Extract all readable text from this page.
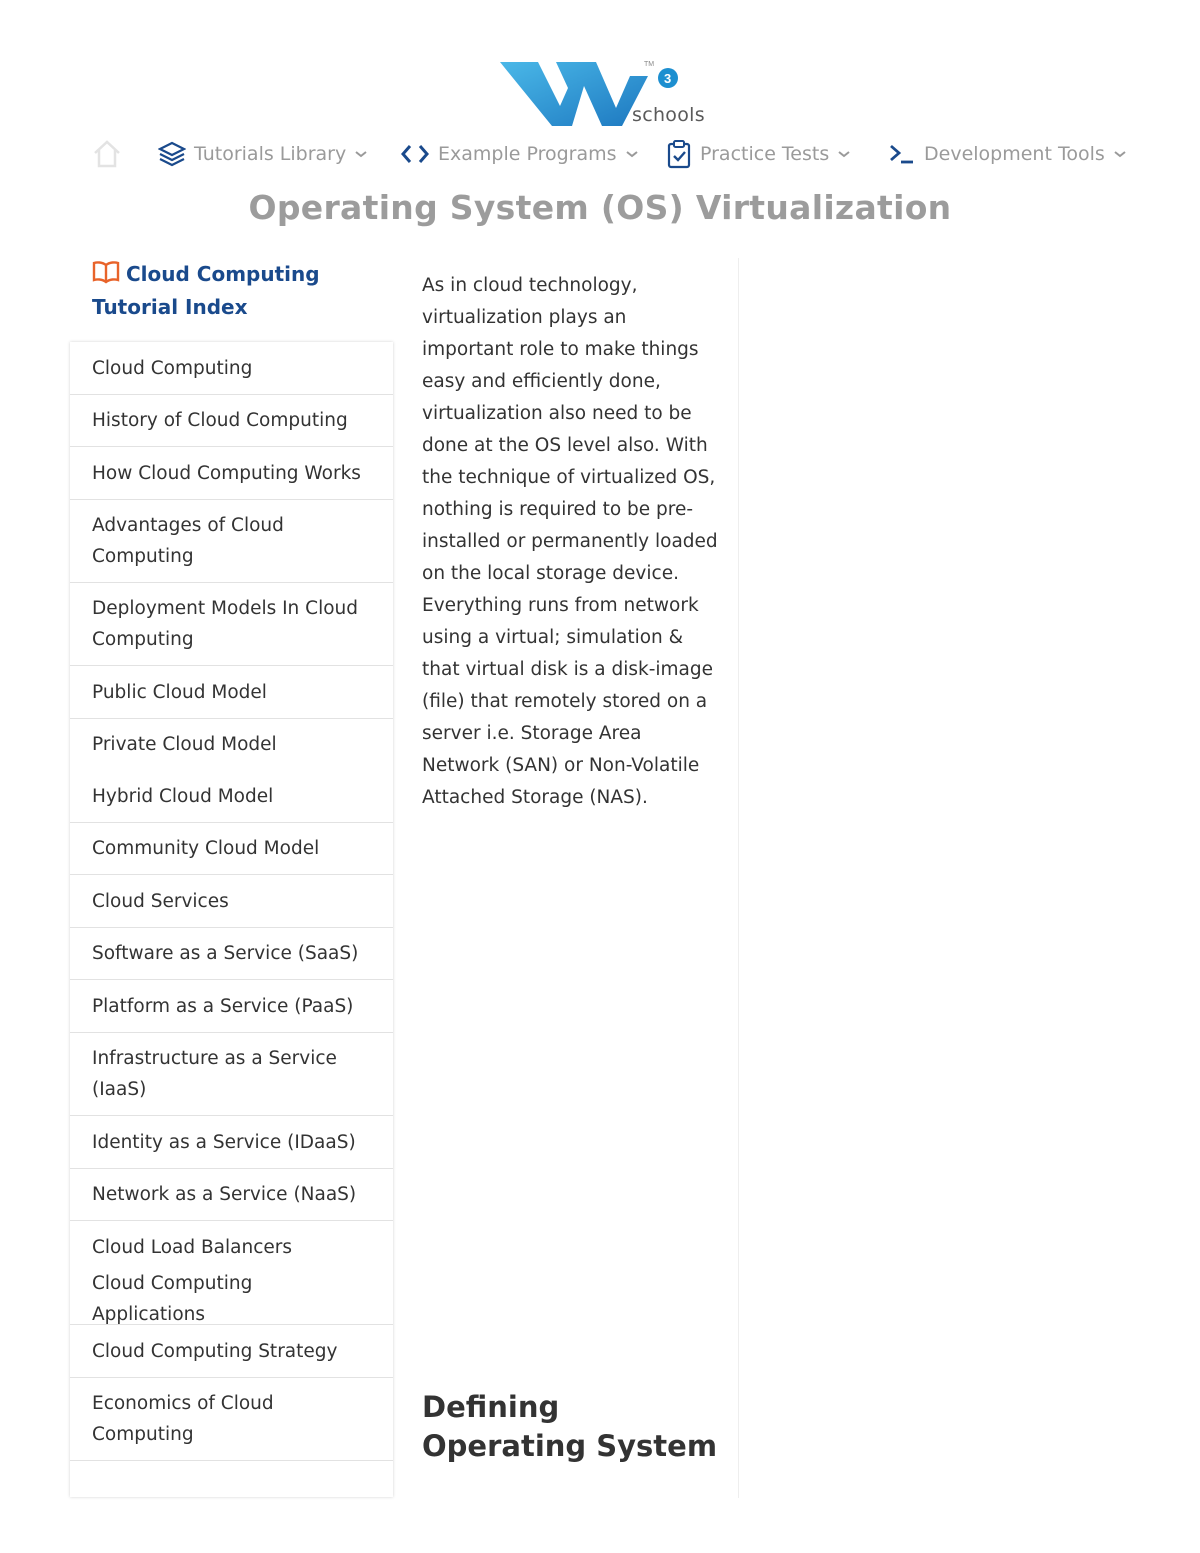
3
TM
schools
Tutorials Library	Example Programs	Practice Tests	Development Tools
Operating System (OS) Virtualization
Cloud Computing Tutorial Index
Cloud Computing
History of Cloud Computing
How Cloud Computing Works
Advantages of Cloud Computing
Deployment Models In Cloud Computing
Public Cloud Model
Private Cloud Model
Hybrid Cloud Model
Community Cloud Model
Cloud Services
Software as a Service (SaaS)
Platform as a Service (PaaS)
Infrastructure as a Service (IaaS)
Identity as a Service (IDaaS)
Network as a Service (NaaS)
Cloud Load Balancers
Cloud Computing Applications
Cloud Computing Strategy
Economics of Cloud Computing

As in cloud technology, virtualization plays an important role to make things easy and efficiently done, virtualization also need to be done at the OS level also. With the technique of virtualized OS, nothing is required to be pre-installed or permanently loaded on the local storage device. Everything runs from network using a virtual; simulation & that virtual disk is a disk-image (file) that remotely stored on a server i.e. Storage Area Network (SAN) or Non-Volatile Attached Storage (NAS).

Defining Operating System
